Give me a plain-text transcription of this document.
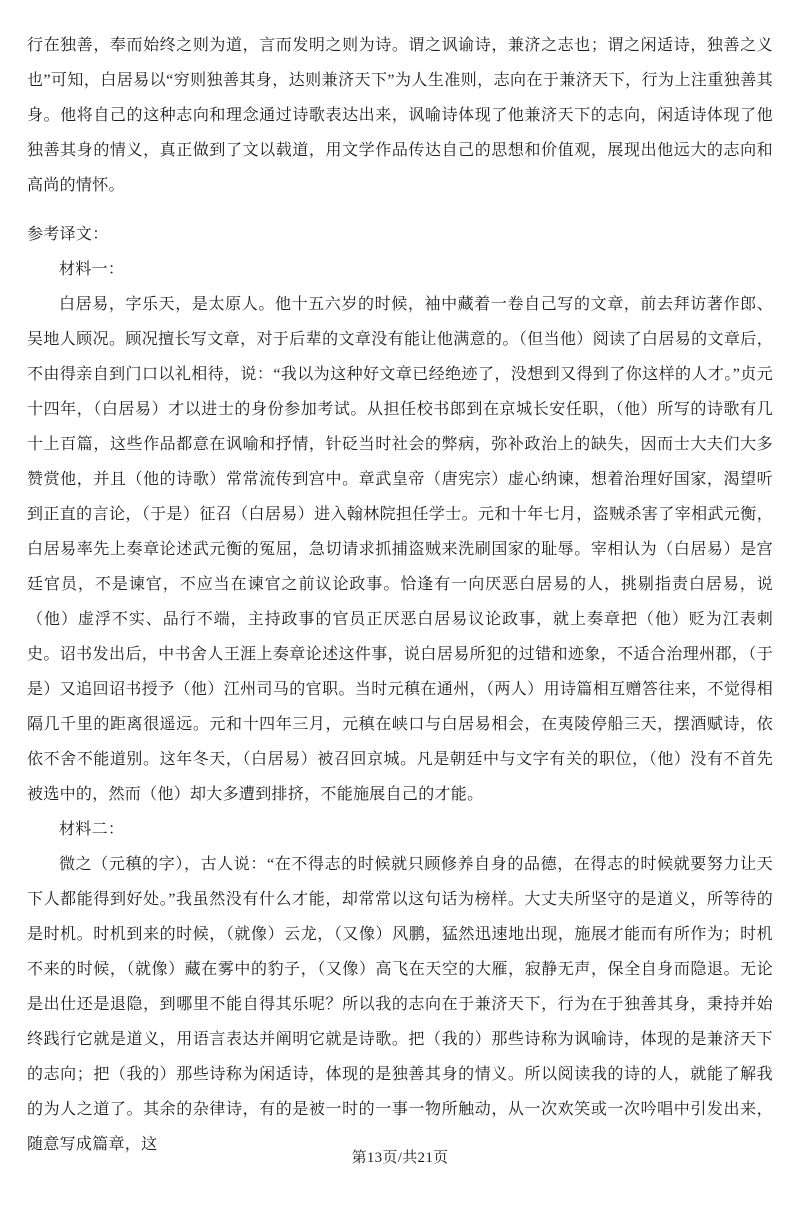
行在独善，奉而始终之则为道，言而发明之则为诗。谓之讽谕诗，兼济之志也；谓之闲适诗，独善之义也”可知，白居易以“穷则独善其身，达则兼济天下”为人生准则，志向在于兼济天下，行为上注重独善其身。他将自己的这种志向和理念通过诗歌表达出来，讽喻诗体现了他兼济天下的志向，闲适诗体现了他独善其身的情义，真正做到了文以载道，用文学作品传达自己的思想和价值观，展现出他远大的志向和高尚的情怀。

参考译文：

材料一：

白居易，字乐天，是太原人。他十五六岁的时候，袖中藏着一卷自己写的文章，前去拜访著作郎、吴地人顾况。顾况擅长写文章，对于后辈的文章没有能让他满意的。（但当他）阅读了白居易的文章后，不由得亲自到门口以礼相待，说：“我以为这种好文章已经绝迹了，没想到又得到了你这样的人才。”贞元十四年，（白居易）才以进士的身份参加考试。从担任校书郎到在京城长安任职，（他）所写的诗歌有几十上百篇，这些作品都意在讽喻和抒情，针砭当时社会的弊病，弥补政治上的缺失，因而士大夫们大多赞赏他，并且（他的诗歌）常常流传到宫中。章武皇帝（唐宪宗）虚心纳谏，想着治理好国家，渴望听到正直的言论，（于是）征召（白居易）进入翰林院担任学士。元和十年七月，盗贼杀害了宰相武元衡，白居易率先上奏章论述武元衡的冤屈，急切请求抓捕盗贼来洗刷国家的耻辱。宰相认为（白居易）是宫廷官员，不是谏官，不应当在谏官之前议论政事。恰逢有一向厌恶白居易的人，挑剔指责白居易，说（他）虚浮不实、品行不端，主持政事的官员正厌恶白居易议论政事，就上奏章把（他）贬为江表刺史。诏书发出后，中书舍人王涯上奏章论述这件事，说白居易所犯的过错和迹象，不适合治理州郡，（于是）又追回诏书授予（他）江州司马的官职。当时元稹在通州，（两人）用诗篇相互赠答往来，不觉得相隔几千里的距离很遥远。元和十四年三月，元稹在峡口与白居易相会，在夷陵停船三天，摆酒赋诗，依依不舍不能道别。这年冬天，（白居易）被召回京城。凡是朝廷中与文字有关的职位，（他）没有不首先被选中的，然而（他）却大多遭到排挤，不能施展自己的才能。

材料二：

微之（元稹的字），古人说：“在不得志的时候就只顾修养自身的品德，在得志的时候就要努力让天下人都能得到好处。”我虽然没有什么才能，却常常以这句话为榜样。大丈夫所坚守的是道义，所等待的是时机。时机到来的时候，（就像）云龙，（又像）风鹏，猛然迅速地出现，施展才能而有所作为；时机不来的时候，（就像）藏在雾中的豹子，（又像）高飞在天空的大雁，寂静无声，保全自身而隐退。无论是出仕还是退隐，到哪里不能自得其乐呢？所以我的志向在于兼济天下，行为在于独善其身，秉持并始终践行它就是道义，用语言表达并阐明它就是诗歌。把（我的）那些诗称为讽喻诗，体现的是兼济天下的志向；把（我的）那些诗称为闲适诗，体现的是独善其身的情义。所以阅读我的诗的人，就能了解我的为人之道了。其余的杂律诗，有的是被一时的一事一物所触动，从一次欢笑或一次吟唱中引发出来，随意写成篇章，这

第13页/共21页
